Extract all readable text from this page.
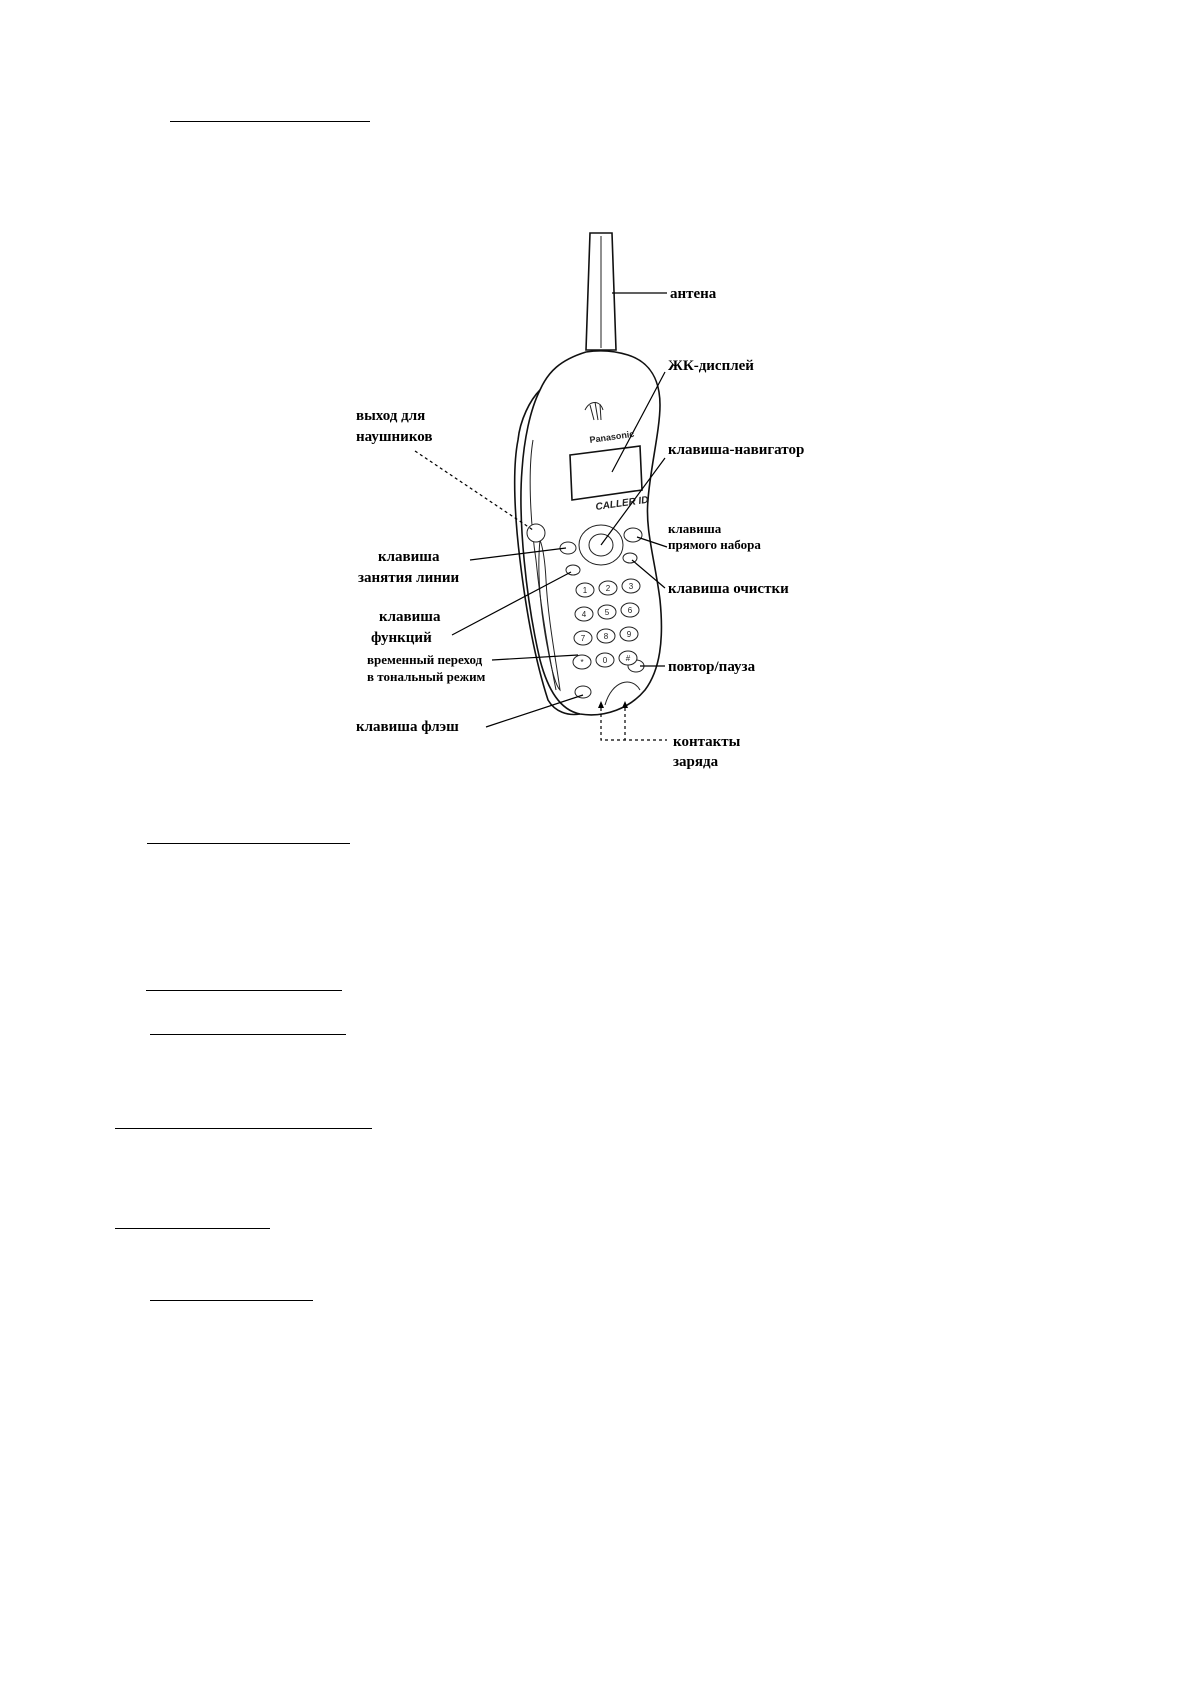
Panasonic
CALLER ID
1 2 3
4 5 6
7 8 9
* 0 #
антена
ЖК-дисплей
выход для
наушников
клавиша-навигатор
клавиша
занятия линии
клавиша
прямого набора
клавиша очистки
клавиша
функций
временный переход
в тональный режим
повтор/пауза
клавиша флэш
контакты
заряда
